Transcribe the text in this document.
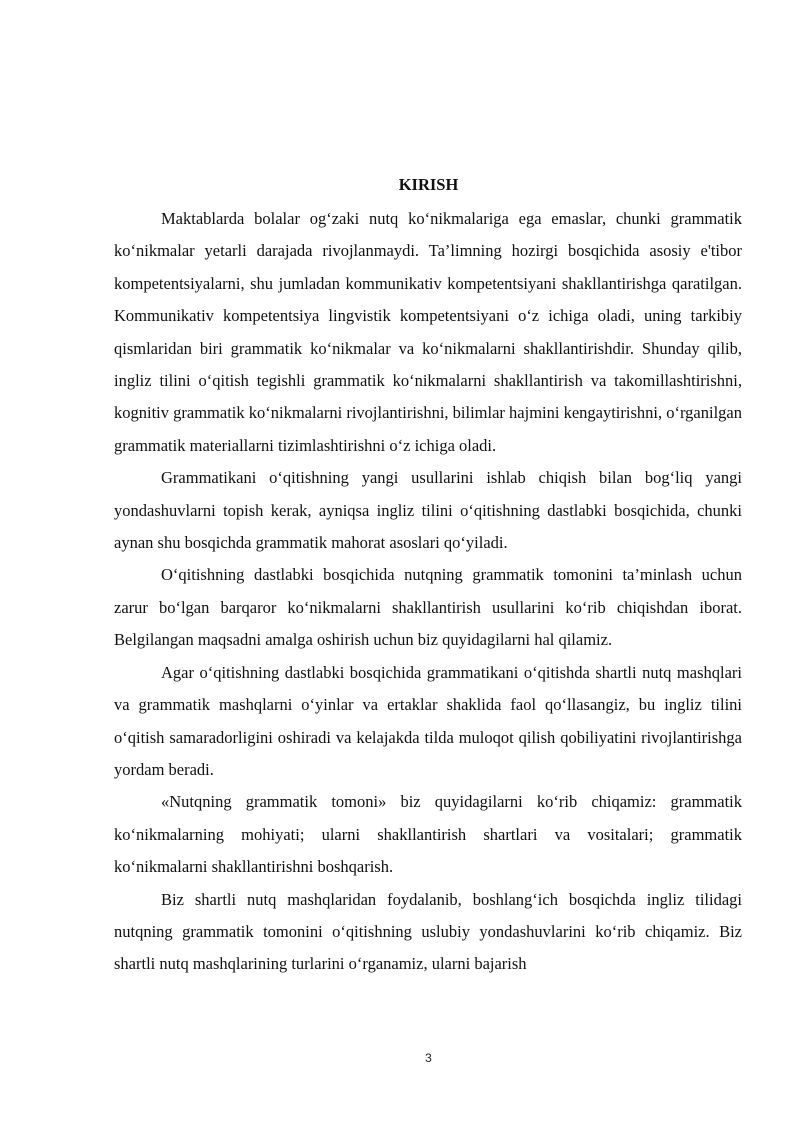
KIRISH

Maktablarda bolalar og‘zaki nutq ko‘nikmalariga ega emaslar, chunki grammatik ko‘nikmalar yetarli darajada rivojlanmaydi. Ta’limning hozirgi bosqichida asosiy e'tibor kompetentsiyalarni, shu jumladan kommunikativ kompetentsiyani shakllantirishga qaratilgan. Kommunikativ kompetentsiya lingvistik kompetentsiyani o‘z ichiga oladi, uning tarkibiy qismlaridan biri grammatik ko‘nikmalar va ko‘nikmalarni shakllantirishdir. Shunday qilib, ingliz tilini o‘qitish tegishli grammatik ko‘nikmalarni shakllantirish va takomillashtirishni, kognitiv grammatik ko‘nikmalarni rivojlantirishni, bilimlar hajmini kengaytirishni, o‘rganilgan grammatik materiallarni tizimlashtirishni o‘z ichiga oladi.

Grammatikani o‘qitishning yangi usullarini ishlab chiqish bilan bog‘liq yangi yondashuvlarni topish kerak, ayniqsa ingliz tilini o‘qitishning dastlabki bosqichida, chunki aynan shu bosqichda grammatik mahorat asoslari qo‘yiladi.

O‘qitishning dastlabki bosqichida nutqning grammatik tomonini ta’minlash uchun zarur bo‘lgan barqaror ko‘nikmalarni shakllantirish usullarini ko‘rib chiqishdan iborat. Belgilangan maqsadni amalga oshirish uchun biz quyidagilarni hal qilamiz.

Agar o‘qitishning dastlabki bosqichida grammatikani o‘qitishda shartli nutq mashqlari va grammatik mashqlarni o‘yinlar va ertaklar shaklida faol qo‘llasangiz, bu ingliz tilini o‘qitish samaradorligini oshiradi va kelajakda tilda muloqot qilish qobiliyatini rivojlantirishga yordam beradi.

«Nutqning grammatik tomoni» biz quyidagilarni ko‘rib chiqamiz: grammatik ko‘nikmalarning mohiyati; ularni shakllantirish shartlari va vositalari; grammatik ko‘nikmalarni shakllantirishni boshqarish.

Biz shartli nutq mashqlaridan foydalanib, boshlang‘ich bosqichda ingliz tilidagi nutqning grammatik tomonini o‘qitishning uslubiy yondashuvlarini ko‘rib chiqamiz. Biz shartli nutq mashqlarining turlarini o‘rganamiz, ularni bajarish

3
